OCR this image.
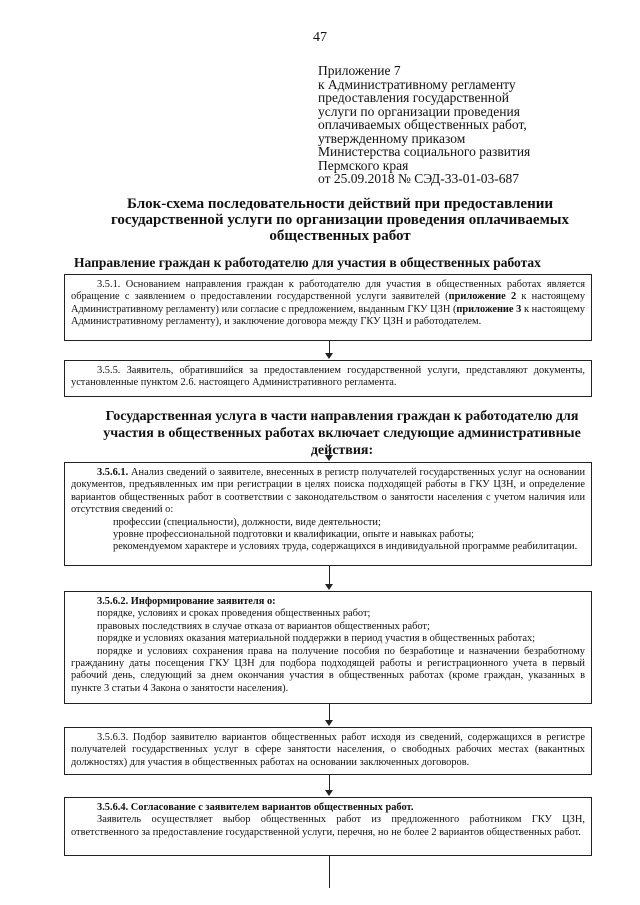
47
Приложение 7
к Административному регламенту
предоставления государственной
услуги по организации проведения
оплачиваемых общественных работ,
утвержденному приказом
Министерства социального развития
Пермского края
от 25.09.2018 № СЭД-33-01-03-687
Блок-схема последовательности действий при предоставлении государственной услуги по организации проведения оплачиваемых общественных работ
Направление граждан к работодателю для участия в общественных работах

3.5.1. Основанием направления граждан к работодателю для участия в общественных работах является обращение с заявлением о предоставлении государственной услуги заявителей (приложение 2 к настоящему Административному регламенту) или согласие с предложением, выданным ГКУ ЦЗН (приложение 3 к настоящему Административному регламенту), и заключение договора между ГКУ ЦЗН и работодателем.

3.5.5. Заявитель, обратившийся за предоставлением государственной услуги, представляют документы, установленные пунктом 2.6. настоящего Административного регламента.

Государственная услуга в части направления граждан к работодателю для участия в общественных работах включает следующие административные действия:

3.5.6.1. Анализ сведений о заявителе, внесенных в регистр получателей государственных услуг на основании документов, предъявленных им при регистрации в целях поиска подходящей работы в ГКУ ЦЗН, и определение вариантов общественных работ в соответствии с законодательством о занятости населения с учетом наличия или отсутствия сведений о:

профессии (специальности), должности, виде деятельности;

уровне профессиональной подготовки и квалификации, опыте и навыках работы;

рекомендуемом характере и условиях труда, содержащихся в индивидуальной программе реабилитации.

3.5.6.2. Информирование заявителя о:

порядке, условиях и сроках проведения общественных работ;

правовых последствиях в случае отказа от вариантов общественных работ;

порядке и условиях оказания материальной поддержки в период участия в общественных работах;

порядке и условиях сохранения права на получение пособия по безработице и назначении безработному гражданину даты посещения ГКУ ЦЗН для подбора подходящей работы и регистрационного учета в первый рабочий день, следующий за днем окончания участия в общественных работах (кроме граждан, указанных в пункте 3 статьи 4 Закона о занятости населения).

3.5.6.3. Подбор заявителю вариантов общественных работ исходя из сведений, содержащихся в регистре получателей государственных услуг в сфере занятости населения, о свободных рабочих местах (вакантных должностях) для участия в общественных работах на основании заключенных договоров.

3.5.6.4. Согласование с заявителем вариантов общественных работ.

Заявитель осуществляет выбор общественных работ из предложенного работником ГКУ ЦЗН, ответственного за предоставление государственной услуги, перечня, но не более 2 вариантов общественных работ.
